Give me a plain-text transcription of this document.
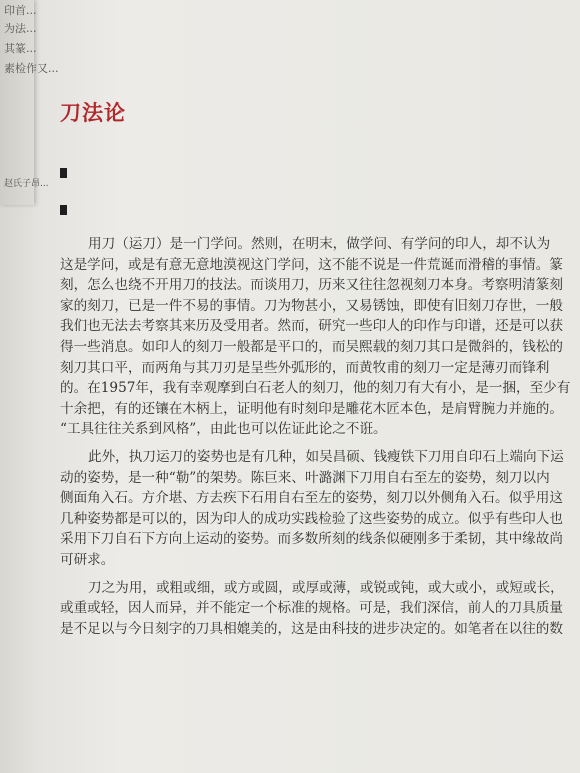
印首...
为法...
其篆...
素检作又...
赵氏子昂...
刀法论

用刀（运刀）是一门学问。然则，在明末，做学问、有学问的印人，却不认为
这是学问，或是有意无意地漠视这门学问，这不能不说是一件荒诞而滑稽的事情。篆
刻，怎么也绕不开用刀的技法。而谈用刀，历来又往往忽视刻刀本身。考察明清篆刻
家的刻刀，已是一件不易的事情。刀为物甚小，又易锈蚀，即使有旧刻刀存世，一般
我们也无法去考察其来历及受用者。然而，研究一些印人的印作与印谱，还是可以获
得一些消息。如印人的刻刀一般都是平口的，而吴熙载的刻刀其口是微斜的，钱松的
刻刀其口平，而两角与其刀刃是呈些外弧形的，而黄牧甫的刻刀一定是薄刃而锋利
的。在1957年，我有幸观摩到白石老人的刻刀，他的刻刀有大有小，是一捆，至少有
十余把，有的还镶在木柄上，证明他有时刻印是雕花木匠本色，是肩臂腕力并施的。
“工具往往关系到风格”，由此也可以佐证此论之不诳。

此外，执刀运刀的姿势也是有几种，如吴昌硕、钱瘦铁下刀用自印石上端向下运
动的姿势，是一种“勒”的架势。陈巨来、叶潞渊下刀用自右至左的姿势，刻刀以内
侧面角入石。方介堪、方去疾下石用自右至左的姿势，刻刀以外侧角入石。似乎用这
几种姿势都是可以的，因为印人的成功实践检验了这些姿势的成立。似乎有些印人也
采用下刀自石下方向上运动的姿势。而多数所刻的线条似硬刚多于柔韧，其中缘故尚
可研求。

刀之为用，或粗或细，或方或圆，或厚或薄，或锐或钝，或大或小，或短或长，
或重或轻，因人而异，并不能定一个标准的规格。可是，我们深信，前人的刀具质量
是不足以与今日刻字的刀具相媲美的，这是由科技的进步决定的。如笔者在以往的数
